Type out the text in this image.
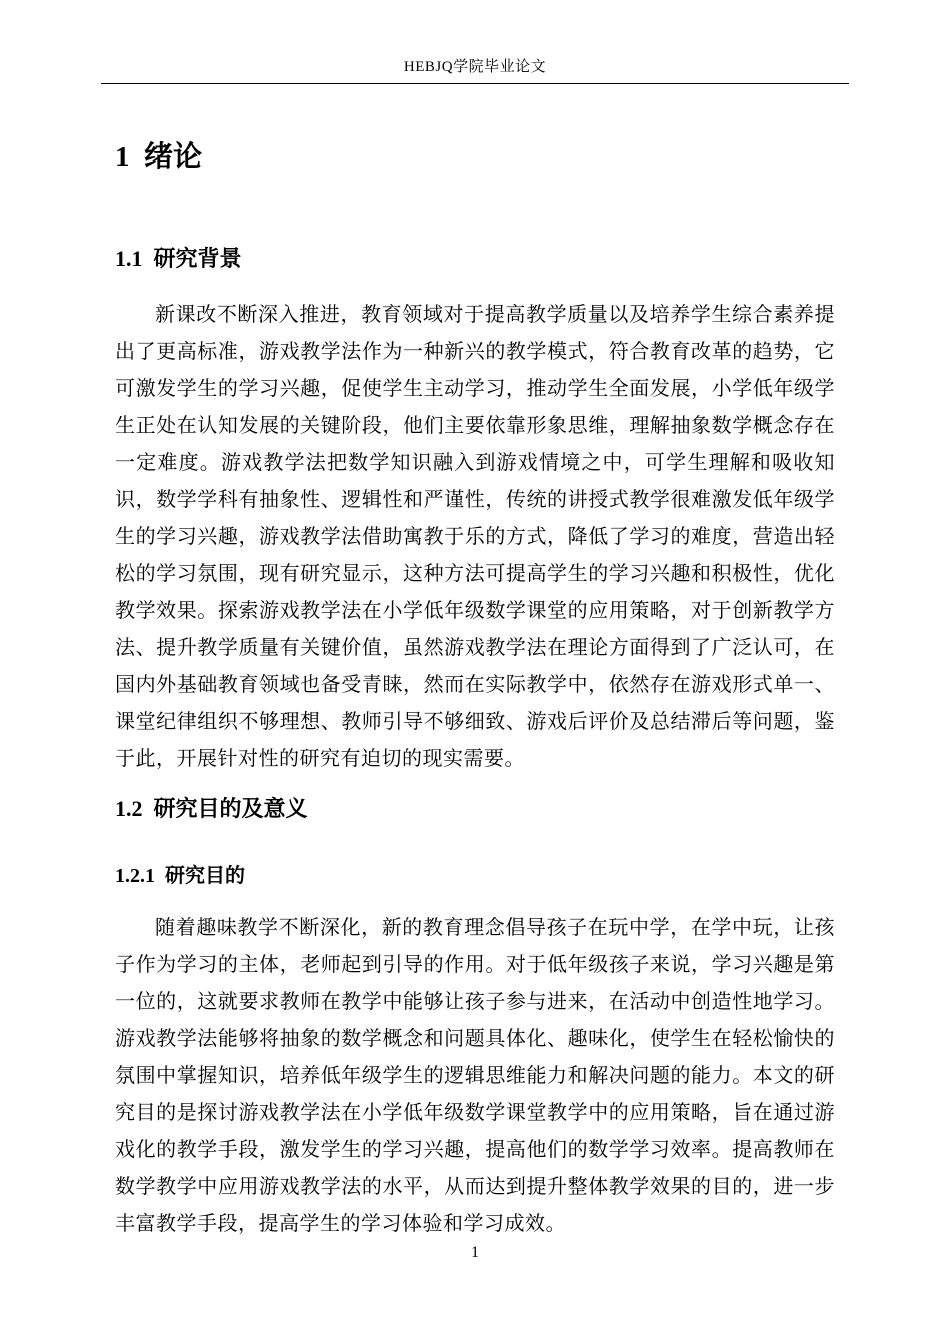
HEBJQ学院毕业论文
1  绪论
1.1  研究背景

新课改不断深入推进，教育领域对于提高教学质量以及培养学生综合素养提出了更高标准，游戏教学法作为一种新兴的教学模式，符合教育改革的趋势，它可激发学生的学习兴趣，促使学生主动学习，推动学生全面发展，小学低年级学生正处在认知发展的关键阶段，他们主要依靠形象思维，理解抽象数学概念存在一定难度。游戏教学法把数学知识融入到游戏情境之中，可学生理解和吸收知识，数学学科有抽象性、逻辑性和严谨性，传统的讲授式教学很难激发低年级学生的学习兴趣，游戏教学法借助寓教于乐的方式，降低了学习的难度，营造出轻松的学习氛围，现有研究显示，这种方法可提高学生的学习兴趣和积极性，优化教学效果。探索游戏教学法在小学低年级数学课堂的应用策略，对于创新教学方法、提升教学质量有关键价值，虽然游戏教学法在理论方面得到了广泛认可，在国内外基础教育领域也备受青睐，然而在实际教学中，依然存在游戏形式单一、课堂纪律组织不够理想、教师引导不够细致、游戏后评价及总结滞后等问题，鉴于此，开展针对性的研究有迫切的现实需要。

1.2  研究目的及意义
1.2.1  研究目的

随着趣味教学不断深化，新的教育理念倡导孩子在玩中学，在学中玩，让孩子作为学习的主体，老师起到引导的作用。对于低年级孩子来说，学习兴趣是第一位的，这就要求教师在教学中能够让孩子参与进来，在活动中创造性地学习。游戏教学法能够将抽象的数学概念和问题具体化、趣味化，使学生在轻松愉快的氛围中掌握知识，培养低年级学生的逻辑思维能力和解决问题的能力。本文的研究目的是探讨游戏教学法在小学低年级数学课堂教学中的应用策略，旨在通过游戏化的教学手段，激发学生的学习兴趣，提高他们的数学学习效率。提高教师在数学教学中应用游戏教学法的水平，从而达到提升整体教学效果的目的，进一步丰富教学手段，提高学生的学习体验和学习成效。

1
